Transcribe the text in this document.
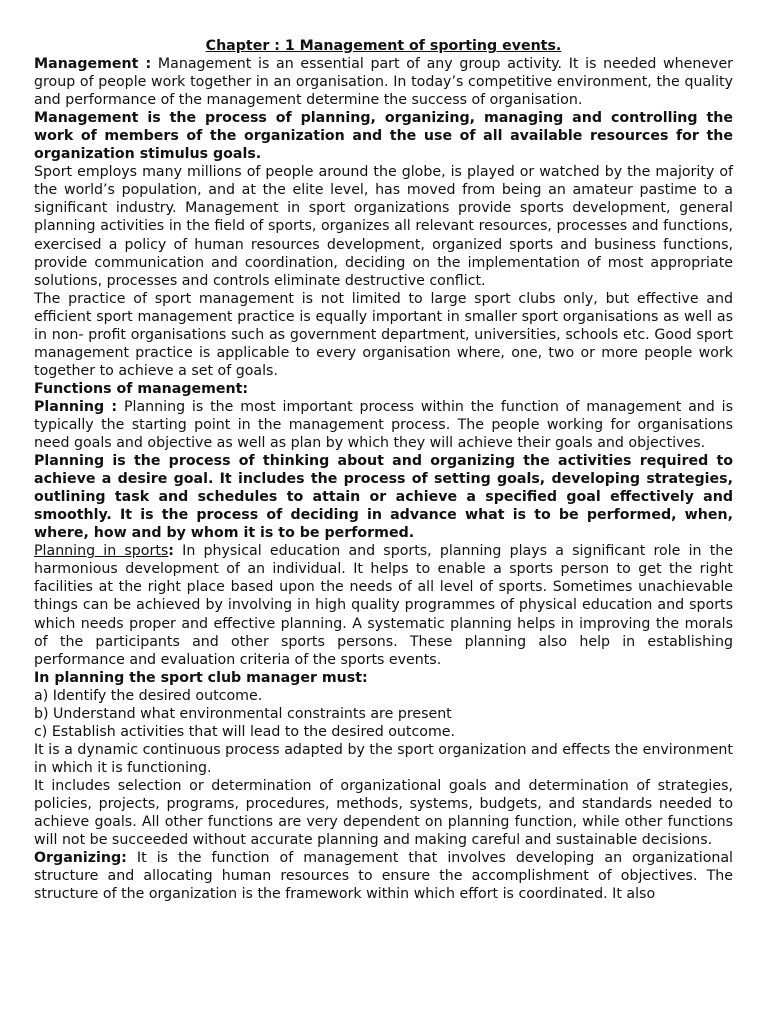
Chapter : 1 Management of sporting events.

Management : Management is an essential part of any group activity. It is needed whenever group of people work together in an organisation. In today’s competitive environment, the quality and performance of the management determine the success of organisation.

Management is the process of planning, organizing, managing and controlling the work of members of the organization and the use of all available resources for the organization stimulus goals.

Sport employs many millions of people around the globe, is played or watched by the majority of the world’s population, and at the elite level, has moved from being an amateur pastime to a significant industry. Management in sport organizations provide sports development, general planning activities in the field of sports, organizes all relevant resources, processes and functions, exercised a policy of human resources development, organized sports and business functions, provide communication and coordination, deciding on the implementation of most appropriate solutions, processes and controls eliminate destructive conflict.

The practice of sport management is not limited to large sport clubs only, but effective and efficient sport management practice is equally important in smaller sport organisations as well as in non- profit organisations such as government department, universities, schools etc. Good sport management practice is applicable to every organisation where, one, two or more people work together to achieve a set of goals.

Functions of management:

Planning : Planning is the most important process within the function of management and is typically the starting point in the management process. The people working for organisations need goals and objective as well as plan by which they will achieve their goals and objectives.

Planning is the process of thinking about and organizing the activities required to achieve a desire goal. It includes the process of setting goals, developing strategies, outlining task and schedules to attain or achieve a specified goal effectively and smoothly. It is the process of deciding in advance what is to be performed, when, where, how and by whom it is to be performed.

Planning in sports: In physical education and sports, planning plays a significant role in the harmonious development of an individual. It helps to enable a sports person to get the right facilities at the right place based upon the needs of all level of sports. Sometimes unachievable things can be achieved by involving in high quality programmes of physical education and sports which needs proper and effective planning. A systematic planning helps in improving the morals of the participants and other sports persons. These planning also help in establishing performance and evaluation criteria of the sports events.

In planning the sport club manager must:

a) Identify the desired outcome.
b) Understand what environmental constraints are present
c) Establish activities that will lead to the desired outcome.

It is a dynamic continuous process adapted by the sport organization and effects the environment in which it is functioning.

It includes selection or determination of organizational goals and determination of strategies, policies, projects, programs, procedures, methods, systems, budgets, and standards needed to achieve goals. All other functions are very dependent on planning function, while other functions will not be succeeded without accurate planning and making careful and sustainable decisions.

Organizing: It is the function of management that involves developing an organizational structure and allocating human resources to ensure the accomplishment of objectives. The structure of the organization is the framework within which effort is coordinated. It also
